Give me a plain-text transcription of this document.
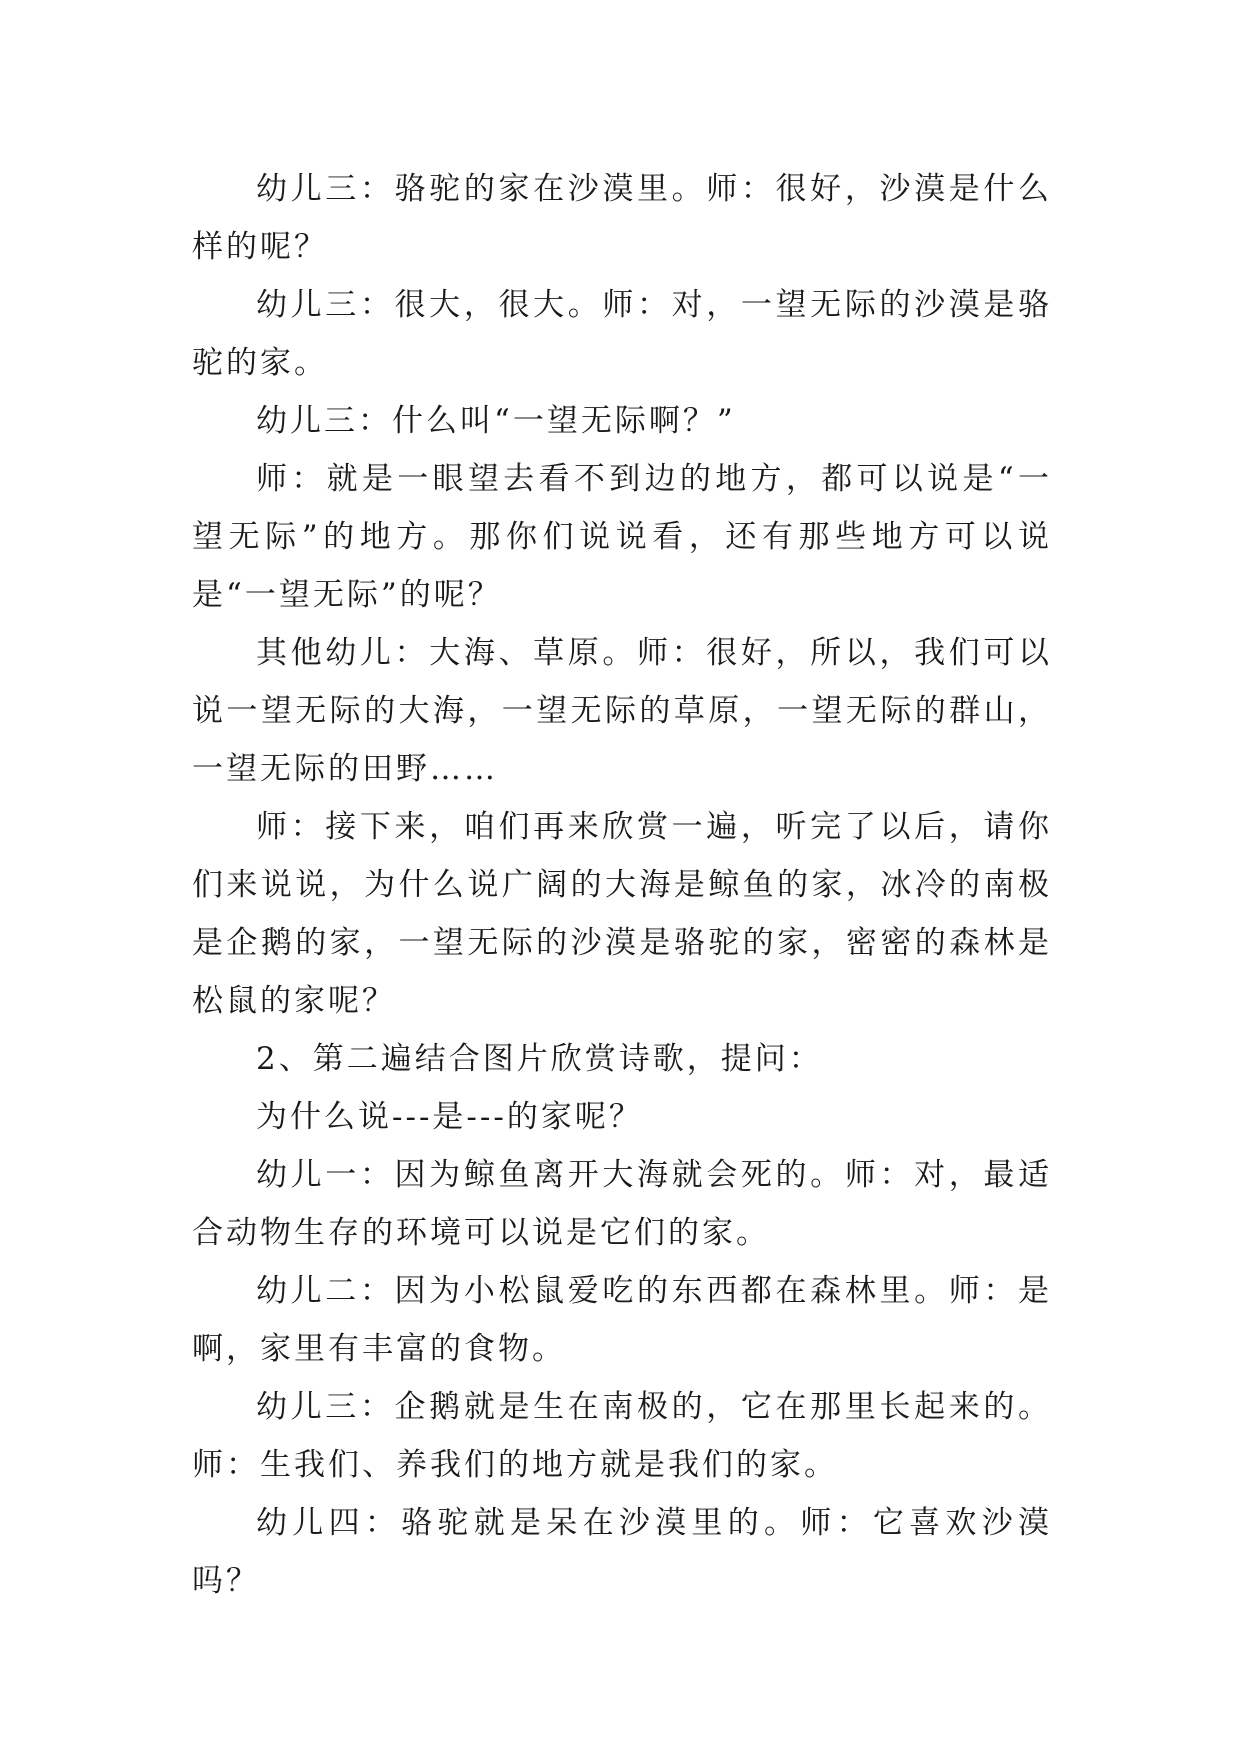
幼儿三：骆驼的家在沙漠里。师：很好，沙漠是什么样的呢？

幼儿三：很大，很大。师：对，一望无际的沙漠是骆驼的家。

幼儿三：什么叫“一望无际啊？”

师：就是一眼望去看不到边的地方，都可以说是“一望无际”的地方。那你们说说看，还有那些地方可以说是“一望无际”的呢？

其他幼儿：大海、草原。师：很好，所以，我们可以说一望无际的大海，一望无际的草原，一望无际的群山，一望无际的田野……

师：接下来，咱们再来欣赏一遍，听完了以后，请你们来说说，为什么说广阔的大海是鲸鱼的家，冰冷的南极是企鹅的家，一望无际的沙漠是骆驼的家，密密的森林是松鼠的家呢？

2、第二遍结合图片欣赏诗歌，提问：

为什么说---是---的家呢？

幼儿一：因为鲸鱼离开大海就会死的。师：对，最适合动物生存的环境可以说是它们的家。

幼儿二：因为小松鼠爱吃的东西都在森林里。师：是啊，家里有丰富的食物。

幼儿三：企鹅就是生在南极的，它在那里长起来的。师：生我们、养我们的地方就是我们的家。

幼儿四：骆驼就是呆在沙漠里的。师：它喜欢沙漠吗？
